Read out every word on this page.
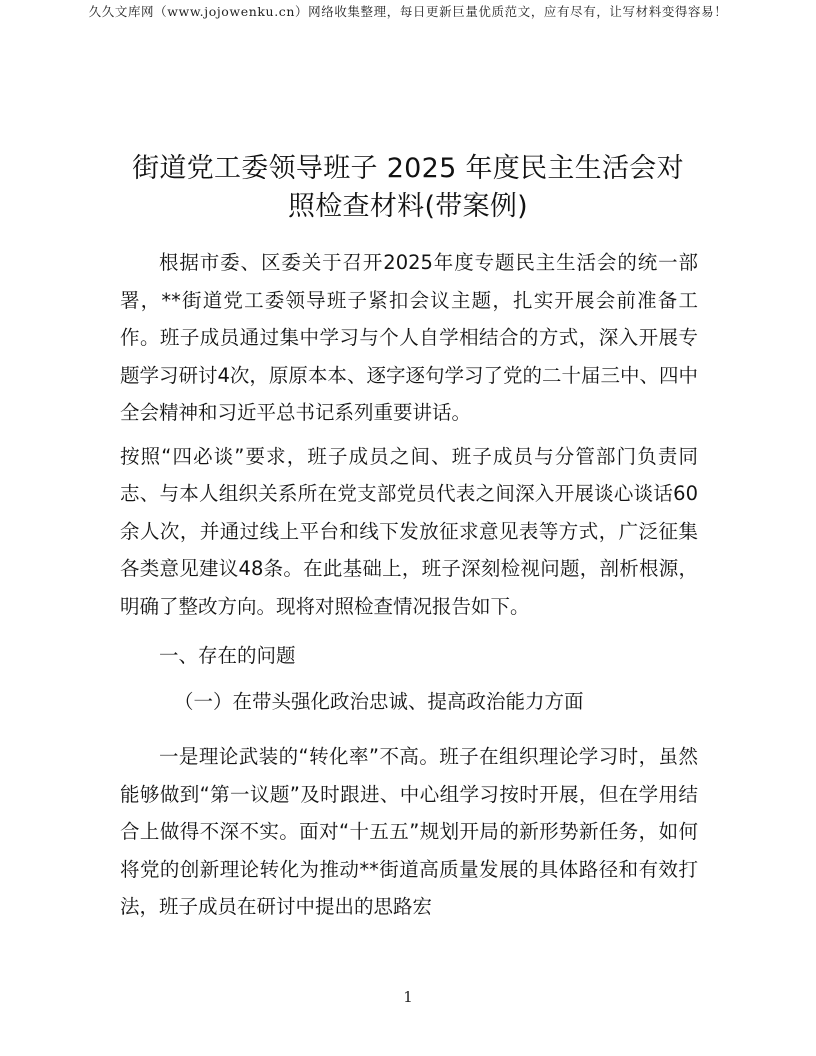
久久文库网（www.jojowenku.cn）网络收集整理，每日更新巨量优质范文，应有尽有，让写材料变得容易！
街道党工委领导班子 2025 年度民主生活会对
照检查材料(带案例)

根据市委、区委关于召开2025年度专题民主生活会的统一部署，**街道党工委领导班子紧扣会议主题，扎实开展会前准备工作。班子成员通过集中学习与个人自学相结合的方式，深入开展专题学习研讨4次，原原本本、逐字逐句学习了党的二十届三中、四中全会精神和习近平总书记系列重要讲话。

按照“四必谈”要求，班子成员之间、班子成员与分管部门负责同志、与本人组织关系所在党支部党员代表之间深入开展谈心谈话60余人次，并通过线上平台和线下发放征求意见表等方式，广泛征集各类意见建议48条。在此基础上，班子深刻检视问题，剖析根源，明确了整改方向。现将对照检查情况报告如下。

一、存在的问题

（一）在带头强化政治忠诚、提高政治能力方面

一是理论武装的“转化率”不高。班子在组织理论学习时，虽然能够做到“第一议题”及时跟进、中心组学习按时开展，但在学用结合上做得不深不实。面对“十五五”规划开局的新形势新任务，如何将党的创新理论转化为推动**街道高质量发展的具体路径和有效打法，班子成员在研讨中提出的思路宏

1
